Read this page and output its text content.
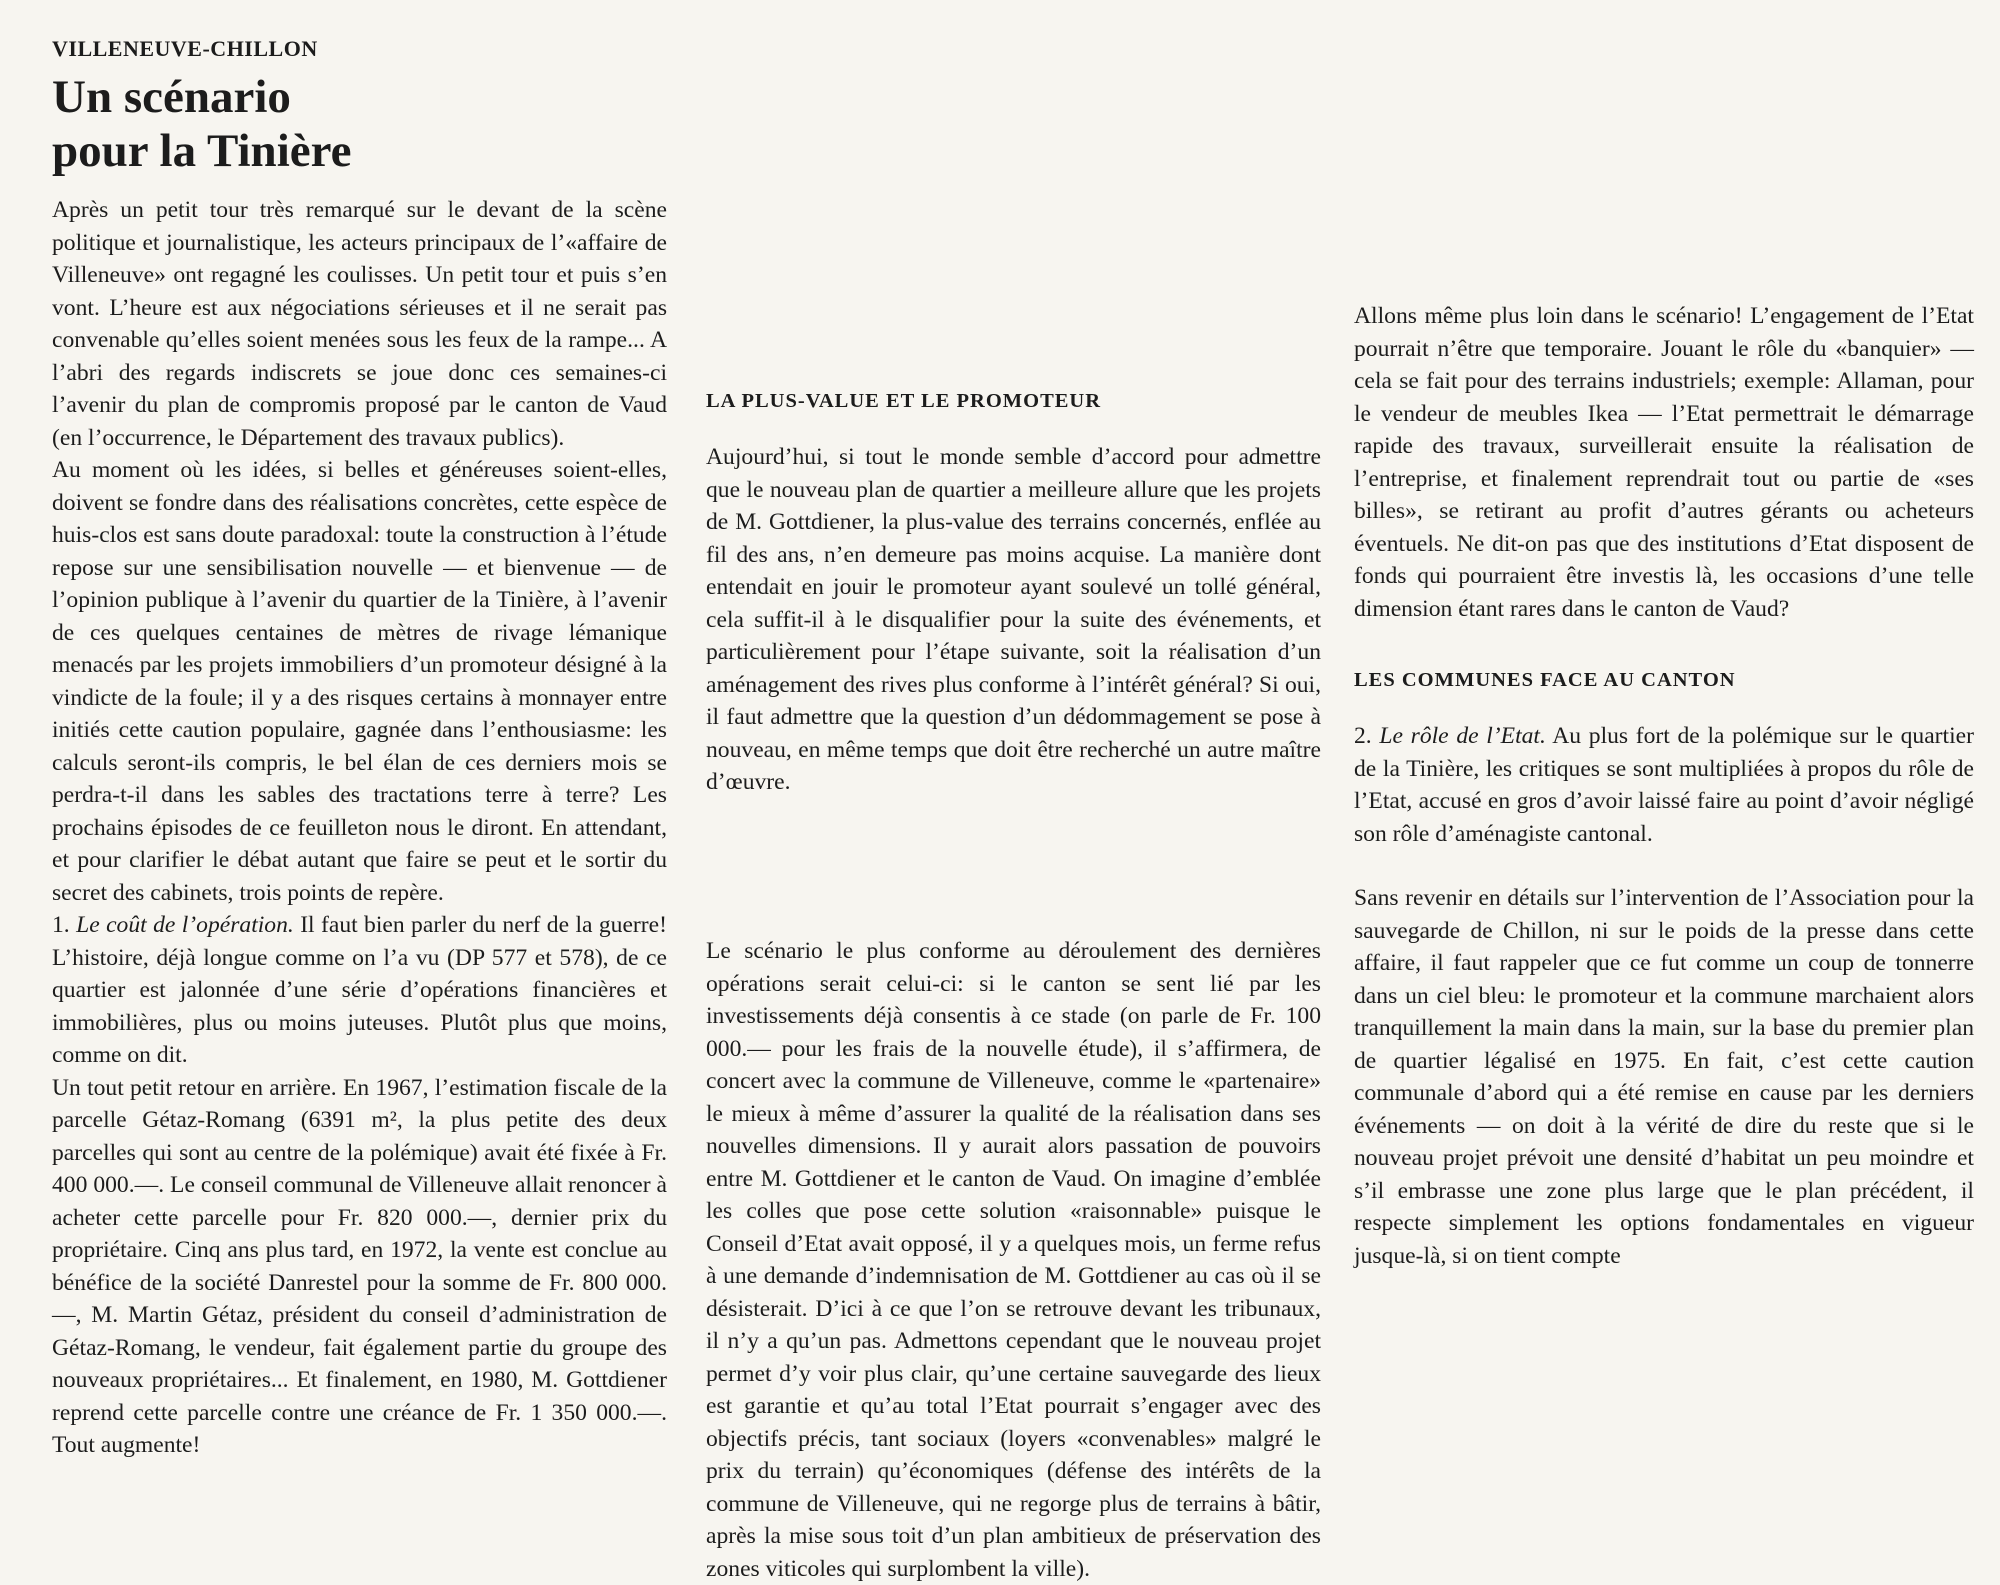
VILLENEUVE-CHILLON
Un scénario
pour la Tinière

Après un petit tour très remarqué sur le devant de la scène politique et journalistique, les acteurs principaux de l’«affaire de Villeneuve» ont regagné les coulisses. Un petit tour et puis s’en vont. L’heure est aux négociations sérieuses et il ne serait pas convenable qu’elles soient menées sous les feux de la rampe... A l’abri des regards indiscrets se joue donc ces semaines-ci l’avenir du plan de compromis proposé par le canton de Vaud (en l’occurrence, le Département des travaux publics).

Au moment où les idées, si belles et généreuses soient-elles, doivent se fondre dans des réalisations concrètes, cette espèce de huis-clos est sans doute paradoxal: toute la construction à l’étude repose sur une sensibilisation nouvelle — et bienvenue — de l’opinion publique à l’avenir du quartier de la Tinière, à l’avenir de ces quelques centaines de mètres de rivage lémanique menacés par les projets immobiliers d’un promoteur désigné à la vindicte de la foule; il y a des risques certains à monnayer entre initiés cette caution populaire, gagnée dans l’enthousiasme: les calculs seront-ils compris, le bel élan de ces derniers mois se perdra-t-il dans les sables des tractations terre à terre? Les prochains épisodes de ce feuilleton nous le diront. En attendant, et pour clarifier le débat autant que faire se peut et le sortir du secret des cabinets, trois points de repère.

1. Le coût de l’opération. Il faut bien parler du nerf de la guerre! L’histoire, déjà longue comme on l’a vu (DP 577 et 578), de ce quartier est jalonnée d’une série d’opérations financières et immobilières, plus ou moins juteuses. Plutôt plus que moins, comme on dit.

Un tout petit retour en arrière. En 1967, l’estimation fiscale de la parcelle Gétaz-Romang (6391 m², la plus petite des deux parcelles qui sont au centre de la polémique) avait été fixée à Fr. 400 000.—. Le conseil communal de Villeneuve allait renoncer à acheter cette parcelle pour Fr. 820 000.—, dernier prix du propriétaire. Cinq ans plus tard, en 1972, la vente est conclue au bénéfice de la société Danrestel pour la somme de Fr. 800 000.—, M. Martin Gétaz, président du conseil d’administration de Gétaz-Romang, le vendeur, fait également partie du groupe des nouveaux propriétaires... Et finalement, en 1980, M. Gottdiener reprend cette parcelle contre une créance de Fr. 1 350 000.—. Tout augmente!

LA PLUS-VALUE ET LE PROMOTEUR

Aujourd’hui, si tout le monde semble d’accord pour admettre que le nouveau plan de quartier a meilleure allure que les projets de M. Gottdiener, la plus-value des terrains concernés, enflée au fil des ans, n’en demeure pas moins acquise. La manière dont entendait en jouir le promoteur ayant soulevé un tollé général, cela suffit-il à le disqualifier pour la suite des événements, et particulièrement pour l’étape suivante, soit la réalisation d’un aménagement des rives plus conforme à l’intérêt général? Si oui, il faut admettre que la question d’un dédommagement se pose à nouveau, en même temps que doit être recherché un autre maître d’œuvre.

Allons même plus loin dans le scénario! L’engagement de l’Etat pourrait n’être que temporaire. Jouant le rôle du «banquier» — cela se fait pour des terrains industriels; exemple: Allaman, pour le vendeur de meubles Ikea — l’Etat permettrait le démarrage rapide des travaux, surveillerait ensuite la réalisation de l’entreprise, et finalement reprendrait tout ou partie de «ses billes», se retirant au profit d’autres gérants ou acheteurs éventuels. Ne dit-on pas que des institutions d’Etat disposent de fonds qui pourraient être investis là, les occasions d’une telle dimension étant rares dans le canton de Vaud?

LES COMMUNES FACE AU CANTON

2. Le rôle de l’Etat. Au plus fort de la polémique sur le quartier de la Tinière, les critiques se sont multipliées à propos du rôle de l’Etat, accusé en gros d’avoir laissé faire au point d’avoir négligé son rôle d’aménagiste cantonal.

Sans revenir en détails sur l’intervention de l’Association pour la sauvegarde de Chillon, ni sur le poids de la presse dans cette affaire, il faut rappeler que ce fut comme un coup de tonnerre dans un ciel bleu: le promoteur et la commune marchaient alors tranquillement la main dans la main, sur la base du premier plan de quartier légalisé en 1975. En fait, c’est cette caution communale d’abord qui a été remise en cause par les derniers événements — on doit à la vérité de dire du reste que si le nouveau projet prévoit une densité d’habitat un peu moindre et s’il embrasse une zone plus large que le plan précédent, il respecte simplement les options fondamentales en vigueur jusque-là, si on tient compte

Le scénario le plus conforme au déroulement des dernières opérations serait celui-ci: si le canton se sent lié par les investissements déjà consentis à ce stade (on parle de Fr. 100 000.— pour les frais de la nouvelle étude), il s’affirmera, de concert avec la commune de Villeneuve, comme le «partenaire» le mieux à même d’assurer la qualité de la réalisation dans ses nouvelles dimensions. Il y aurait alors passation de pouvoirs entre M. Gottdiener et le canton de Vaud. On imagine d’emblée les colles que pose cette solution «raisonnable» puisque le Conseil d’Etat avait opposé, il y a quelques mois, un ferme refus à une demande d’indemnisation de M. Gottdiener au cas où il se désisterait. D’ici à ce que l’on se retrouve devant les tribunaux, il n’y a qu’un pas. Admettons cependant que le nouveau projet permet d’y voir plus clair, qu’une certaine sauvegarde des lieux est garantie et qu’au total l’Etat pourrait s’engager avec des objectifs précis, tant sociaux (loyers «convenables» malgré le prix du terrain) qu’économiques (défense des intérêts de la commune de Villeneuve, qui ne regorge plus de terrains à bâtir, après la mise sous toit d’un plan ambitieux de préservation des zones viticoles qui surplombent la ville).
